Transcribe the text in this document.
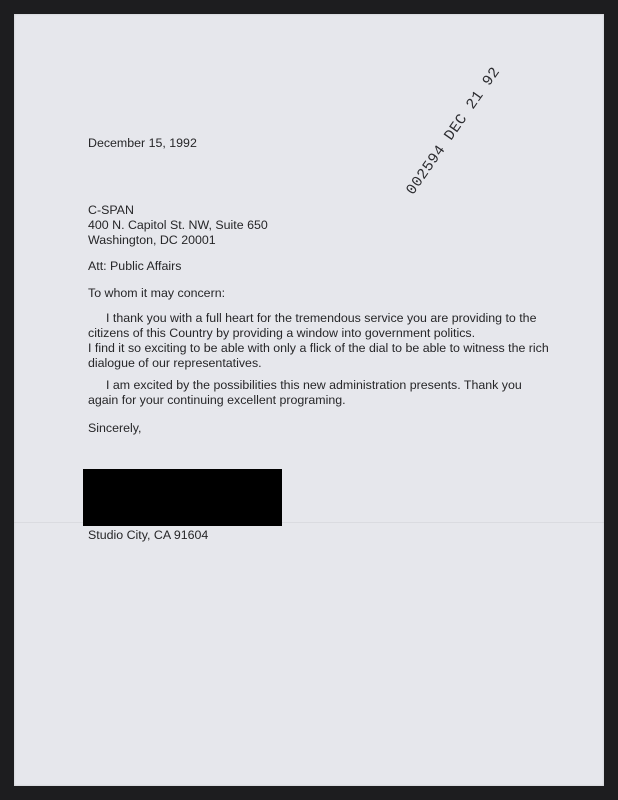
December 15, 1992
C-SPAN
400 N. Capitol St. NW, Suite 650
Washington, DC 20001
Att: Public Affairs
To whom it may concern:
I thank you with a full heart for the tremendous service you are providing to the
citizens of this Country by providing a window into government politics.
I find it so exciting to be able with only a flick of the dial to be able to witness the rich
dialogue of our representatives.
I am excited by the possibilities this new administration presents. Thank you
again for your continuing excellent programing.
Sincerely,
Studio City, CA 91604
002594 DEC 21 92
